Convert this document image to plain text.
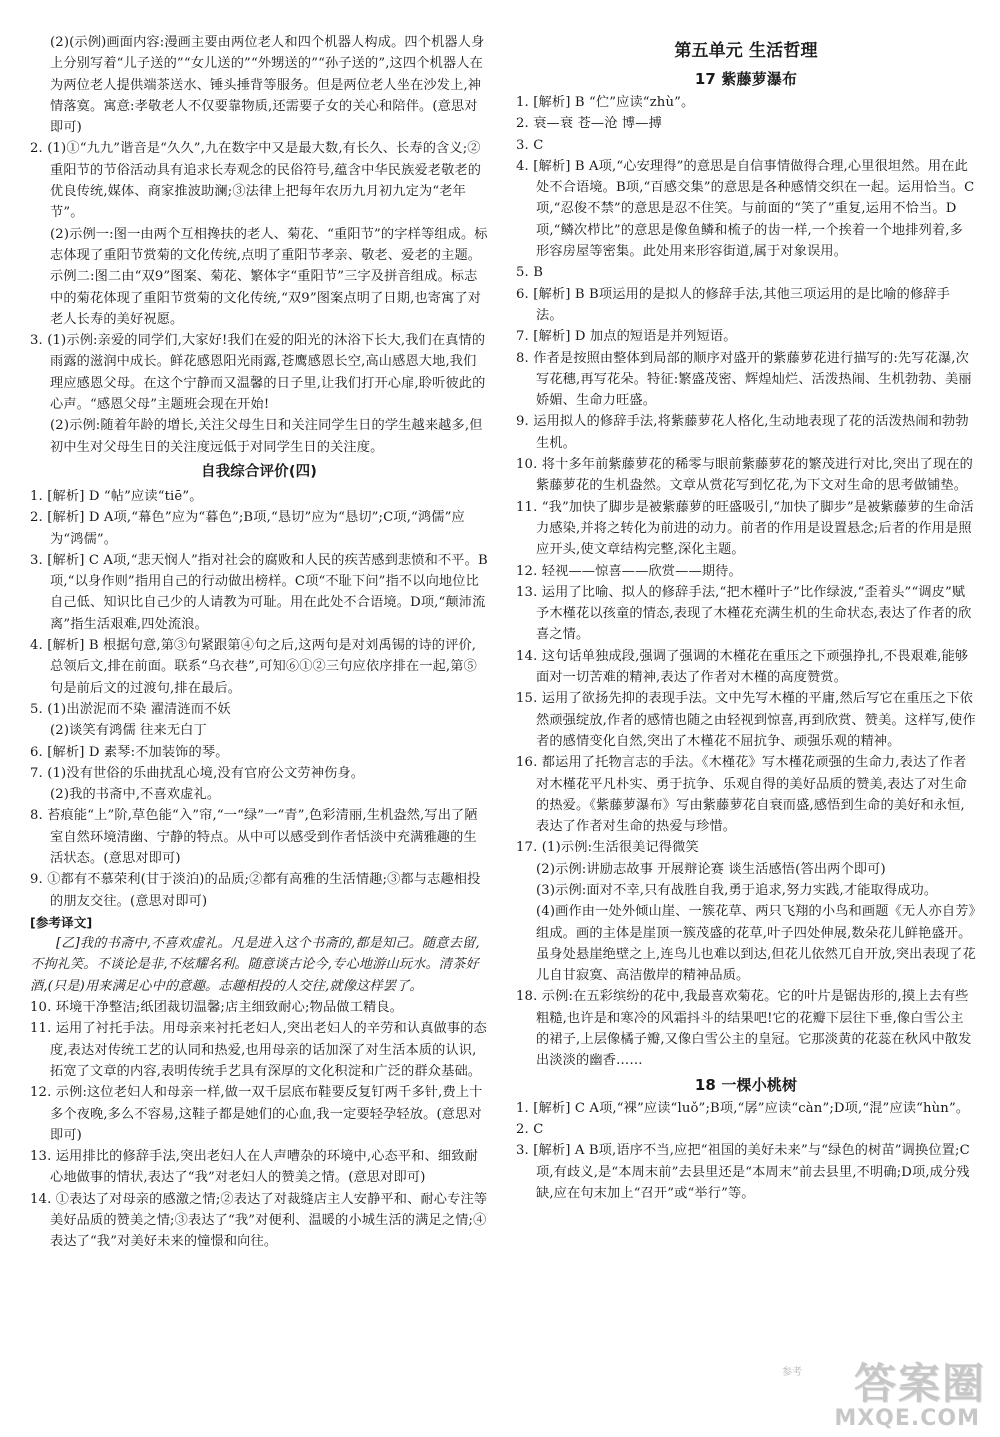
(2)(示例)画面内容:漫画主要由两位老人和四个机器人构成。四个机器人身上分别写着“儿子送的”“女儿送的”“外甥送的”“孙子送的”,这四个机器人在为两位老人提供端茶送水、锤头捶背等服务。但是两位老人坐在沙发上,神情落寞。寓意:孝敬老人不仅要靠物质,还需要子女的关心和陪伴。(意思对即可)

2. (1)①“九九”谐音是“久久”,九在数字中又是最大数,有长久、长寿的含义;②重阳节的节俗活动具有追求长寿观念的民俗符号,蕴含中华民族爱老敬老的优良传统,媒体、商家推波助澜;③法律上把每年农历九月初九定为“老年节”。

(2)示例一:图一由两个互相搀扶的老人、菊花、“重阳节”的字样等组成。标志体现了重阳节赏菊的文化传统,点明了重阳节孝亲、敬老、爱老的主题。示例二:图二由“双9”图案、菊花、繁体字“重阳节”三字及拼音组成。标志中的菊花体现了重阳节赏菊的文化传统,“双9”图案点明了日期,也寄寓了对老人长寿的美好祝愿。

3. (1)示例:亲爱的同学们,大家好!我们在爱的阳光的沐浴下长大,我们在真情的雨露的滋润中成长。鲜花感恩阳光雨露,苍鹰感恩长空,高山感恩大地,我们理应感恩父母。在这个宁静而又温馨的日子里,让我们打开心扉,聆听彼此的心声。“感恩父母”主题班会现在开始!

(2)示例:随着年龄的增长,关注父母生日和关注同学生日的学生越来越多,但初中生对父母生日的关注度远低于对同学生日的关注度。

自我综合评价(四)

1. [解析] D “帖”应读“tiē”。

2. [解析] D A项,“幕色”应为“暮色”;B项,“恳切”应为“恳切”;C项,“鸿儒”应为“鸿儒”。

3. [解析] C A项,“悲天悯人”指对社会的腐败和人民的疾苦感到悲愤和不平。B项,“以身作则”指用自己的行动做出榜样。C项“不耻下问”指不以向地位比自己低、知识比自己少的人请教为可耻。用在此处不合语境。D项,“颠沛流离”指生活艰难,四处流浪。

4. [解析] B 根据句意,第③句紧跟第④句之后,这两句是对刘禹锡的诗的评价,总领后文,排在前面。联系“乌衣巷”,可知⑥①②三句应依序排在一起,第⑤句是前后文的过渡句,排在最后。

5. (1)出淤泥而不染 濯清涟而不妖

(2)谈笑有鸿儒 往来无白丁

6. [解析] D 素琴:不加装饰的琴。

7. (1)没有世俗的乐曲扰乱心境,没有官府公文劳神伤身。

(2)我的书斋中,不喜欢虚礼。

8. 苔痕能“上”阶,草色能“入”帘,“一“绿”一“青”,色彩清丽,生机盎然,写出了陋室自然环境清幽、宁静的特点。从中可以感受到作者恬淡中充满雅趣的生活状态。(意思对即可)

9. ①都有不慕荣利(甘于淡泊)的品质;②都有高雅的生活情趣;③都与志趣相投的朋友交往。(意思对即可)

[参考译文]

[乙]我的书斋中,不喜欢虚礼。凡是进入这个书斋的,都是知己。随意去留,不拘礼笑。不谈论是非,不炫耀名利。随意谈古论今,专心地游山玩水。清茶好酒,(只是)用来满足心中的意趣。志趣相投的人交往,就像这样罢了。

10. 环境干净整洁;纸团裁切温馨;店主细致耐心;物品做工精良。

11. 运用了衬托手法。用母亲来衬托老妇人,突出老妇人的辛劳和认真做事的态度,表达对传统工艺的认同和热爱,也用母亲的话加深了对生活本质的认识,拓宽了文章的内容,表明传统手艺具有深厚的文化积淀和广泛的群众基础。

12. 示例:这位老妇人和母亲一样,做一双千层底布鞋要反复钉两千多针,费上十多个夜晚,多么不容易,这鞋子都是她们的心血,我一定要轻孕轻放。(意思对即可)

13. 运用排比的修辞手法,突出老妇人在人声嘈杂的环境中,心态平和、细致耐心地做事的情状,表达了“我”对老妇人的赞美之情。(意思对即可)

14. ①表达了对母亲的感激之情;②表达了对裁缝店主人安静平和、耐心专注等美好品质的赞美之情;③表达了“我”对便利、温暖的小城生活的满足之情;④表达了“我”对美好未来的憧憬和向往。

第五单元 生活哲理

17 紫藤萝瀑布

1. [解析] B “伫”应读“zhù”。

2. 衰—衰 苍—沧 博—搏

3. C

4. [解析] B A项,“心安理得”的意思是自信事情做得合理,心里很坦然。用在此处不合语境。B项,“百感交集”的意思是各种感情交织在一起。运用恰当。C项,“忍俊不禁”的意思是忍不住笑。与前面的“笑了”重复,运用不恰当。D项,“鳞次栉比”的意思是像鱼鳞和梳子的齿一样,一个挨着一个地排列着,多形容房屋等密集。此处用来形容街道,属于对象误用。

5. B

6. [解析] B B项运用的是拟人的修辞手法,其他三项运用的是比喻的修辞手法。

7. [解析] D 加点的短语是并列短语。

8. 作者是按照由整体到局部的顺序对盛开的紫藤萝花进行描写的:先写花瀑,次写花穗,再写花朵。特征:繁盛茂密、辉煌灿烂、活泼热闹、生机勃勃、美丽娇媚、生命力旺盛。

9. 运用拟人的修辞手法,将紫藤萝花人格化,生动地表现了花的活泼热闹和勃勃生机。

10. 将十多年前紫藤萝花的稀零与眼前紫藤萝花的繁茂进行对比,突出了现在的紫藤萝花的生机盎然。文章从赏花写到忆花,为下文对生命的思考做铺垫。

11. “我”加快了脚步是被紫藤萝的旺盛吸引,“加快了脚步”是被紫藤萝的生命活力感染,并将之转化为前进的动力。前者的作用是设置悬念;后者的作用是照应开头,使文章结构完整,深化主题。

12. 轻视——惊喜——欣赏——期待。

13. 运用了比喻、拟人的修辞手法,“把木槿叶子”比作绿波,“歪着头”“调皮”赋予木槿花以孩童的情态,表现了木槿花充满生机的生命状态,表达了作者的欣喜之情。

14. 这句话单独成段,强调了强调的木槿花在重压之下顽强挣扎,不畏艰难,能够面对一切苦难的精神,表达了作者对木槿的高度赞赏。

15. 运用了欲扬先抑的表现手法。文中先写木槿的平庸,然后写它在重压之下依然顽强绽放,作者的感情也随之由轻视到惊喜,再到欣赏、赞美。这样写,使作者的感情变化自然,突出了木槿花不屈抗争、顽强乐观的精神。

16. 都运用了托物言志的手法。《木槿花》写木槿花顽强的生命力,表达了作者对木槿花平凡朴实、勇于抗争、乐观自得的美好品质的赞美,表达了对生命的热爱。《紫藤萝瀑布》写由紫藤萝花自衰而盛,感悟到生命的美好和永恒,表达了作者对生命的热爱与珍惜。

17. (1)示例:生活很美记得微笑

(2)示例:讲励志故事 开展辩论赛 谈生活感悟(答出两个即可)

(3)示例:面对不幸,只有战胜自我,勇于追求,努力实践,才能取得成功。

(4)画作由一处外倾山崖、一簇花草、两只飞翔的小鸟和画题《无人亦自芳》组成。画的主体是崖顶一簇茂盛的花草,叶子四处伸展,数朵花儿鲜艳盛开。虽身处悬崖绝壁之上,连鸟儿也难以到达,但花儿依然兀自开放,突出表现了花儿自甘寂寞、高洁傲岸的精神品质。

18. 示例:在五彩缤纷的花中,我最喜欢菊花。它的叶片是锯齿形的,摸上去有些粗糙,也许是和寒冷的风霜抖斗的结果吧!它的花瓣下层往下垂,像白雪公主的裙子,上层像橘子瓣,又像白雪公主的皇冠。它那淡黄的花蕊在秋风中散发出淡淡的幽香……

18 一棵小桃树

1. [解析] C A项,“裸”应读“luǒ”;B项,“孱”应读“càn”;D项,“混”应读“hùn”。

2. C

3. [解析] A B项,语序不当,应把“祖国的美好未来”与“绿色的树苗”调换位置;C项,有歧义,是“本周末前”去县里还是“本周末”前去县里,不明确;D项,成分残缺,应在句末加上“召开”或“举行”等。

参考 答案圈
MXQE.COM
